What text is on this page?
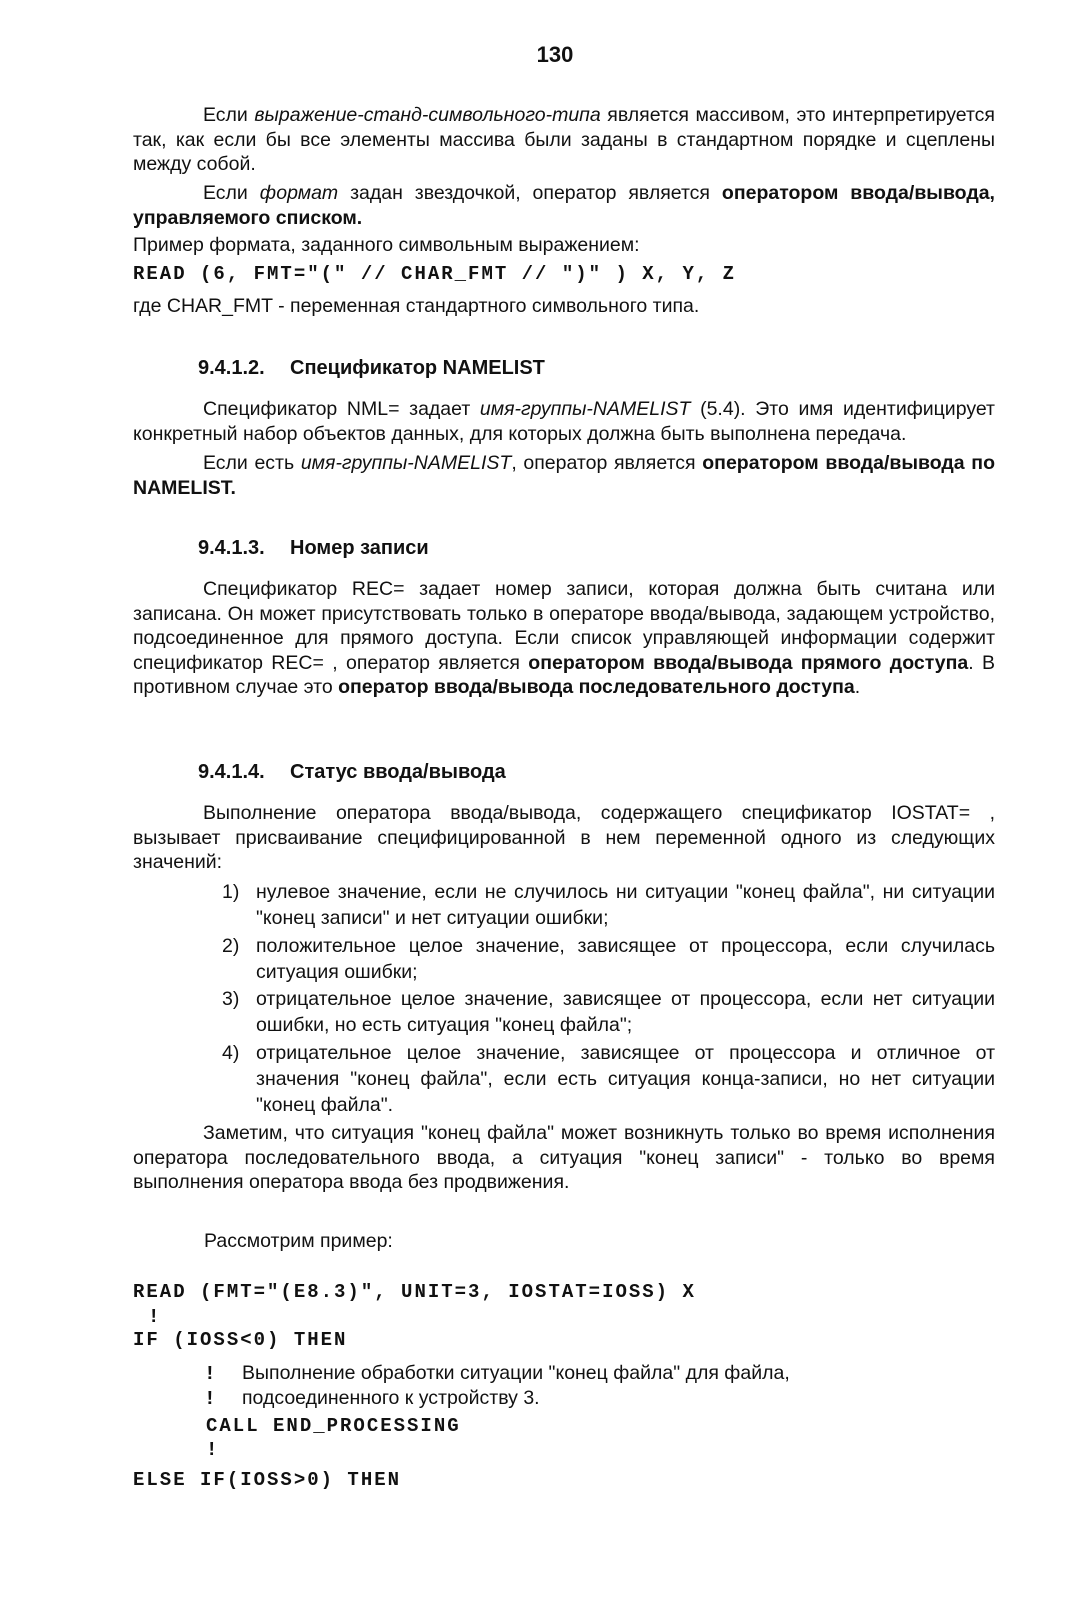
130

Если выражение-станд-символьного-типа является массивом, это интерпретируется так, как если бы все элементы массива были заданы в стандартном порядке и сцеплены между собой.

Если формат задан звездочкой, оператор является оператором ввода/вывода, управляемого списком.

Пример формата, заданного символьным выражением:

READ (6, FMT="(" // CHAR_FMT // ")" ) X, Y, Z

где CHAR_FMT - переменная стандартного символьного типа.

9.4.1.2. Спецификатор NAMELIST

Спецификатор NML= задает имя-группы-NAMELIST (5.4). Это имя идентифицирует конкретный набор объектов данных, для которых должна быть выполнена передача.

Если есть имя-группы-NAMELIST, оператор является оператором ввода/вывода по NAMELIST.

9.4.1.3. Номер записи

Спецификатор REC= задает номер записи, которая должна быть считана или записана. Он может присутствовать только в операторе ввода/вывода, задающем устройство, подсоединенное для прямого доступа. Если список управляющей информации содержит спецификатор REC= , оператор является оператором ввода/вывода прямого доступа. В противном случае это оператор ввода/вывода последовательного доступа.

9.4.1.4. Статус ввода/вывода

Выполнение оператора ввода/вывода, содержащего спецификатор IOSTAT= , вызывает присваивание специфицированной в нем переменной одного из следующих значений:

1) нулевое значение, если не случилось ни ситуации "конец файла", ни ситуации "конец записи" и нет ситуации ошибки;
2) положительное целое значение, зависящее от процессора, если случилась ситуация ошибки;
3) отрицательное целое значение, зависящее от процессора, если нет ситуации ошибки, но есть ситуация "конец файла";
4) отрицательное целое значение, зависящее от процессора и отличное от значения "конец файла", если есть ситуация конца-записи, но нет ситуации "конец файла".

Заметим, что ситуация "конец файла" может возникнуть только во время исполнения оператора последовательного ввода, а ситуация "конец записи" - только во время выполнения оператора ввода без продвижения.

Рассмотрим пример:

READ (FMT="(E8.3)", UNIT=3, IOSTAT=IOSS) X

!

IF (IOSS<0) THEN

! Выполнение обработки ситуации "конец файла" для файла,

! подсоединенного к устройству 3.

CALL END_PROCESSING

!

ELSE IF(IOSS>0) THEN
